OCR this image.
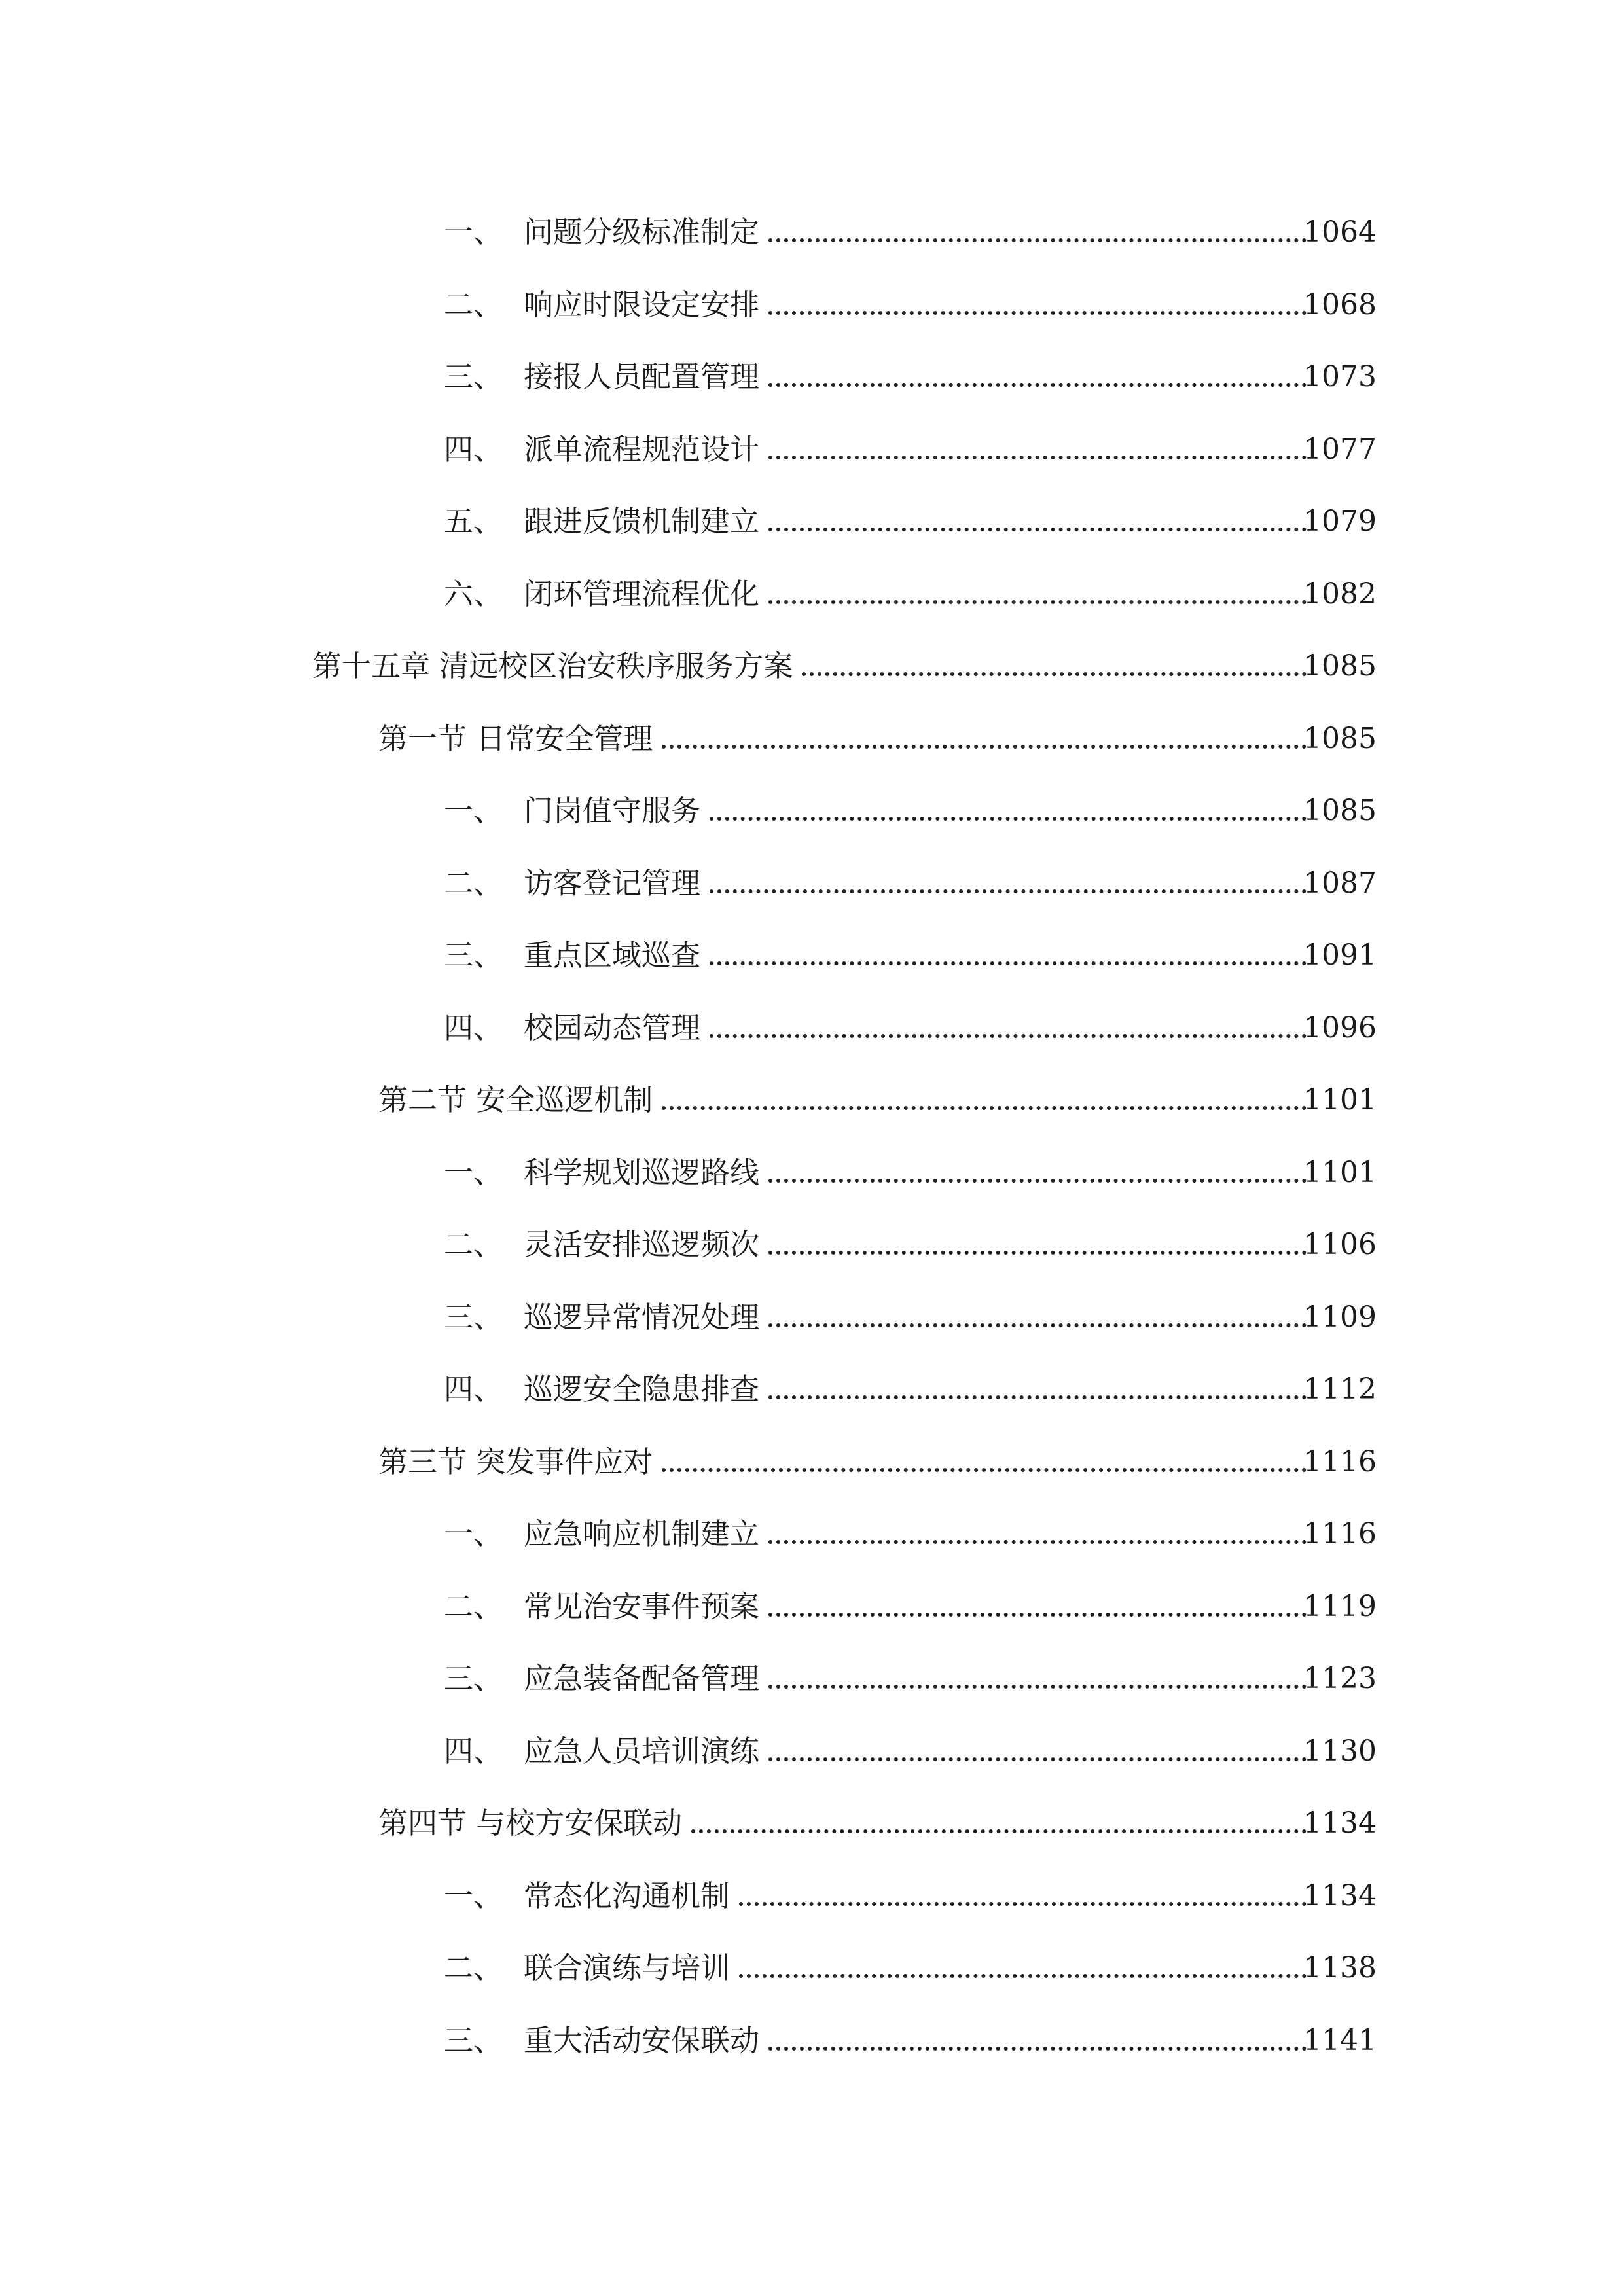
一、 问题分级标准制定	1064
二、 响应时限设定安排	1068
三、 接报人员配置管理	1073
四、 派单流程规范设计	1077
五、 跟进反馈机制建立	1079
六、 闭环管理流程优化	1082
第十五章 清远校区治安秩序服务方案	1085
第一节 日常安全管理	1085
一、 门岗值守服务	1085
二、 访客登记管理	1087
三、 重点区域巡查	1091
四、 校园动态管理	1096
第二节 安全巡逻机制	1101
一、 科学规划巡逻路线	1101
二、 灵活安排巡逻频次	1106
三、 巡逻异常情况处理	1109
四、 巡逻安全隐患排查	1112
第三节 突发事件应对	1116
一、 应急响应机制建立	1116
二、 常见治安事件预案	1119
三、 应急装备配备管理	1123
四、 应急人员培训演练	1130
第四节 与校方安保联动	1134
一、 常态化沟通机制	1134
二、 联合演练与培训	1138
三、 重大活动安保联动	1141
